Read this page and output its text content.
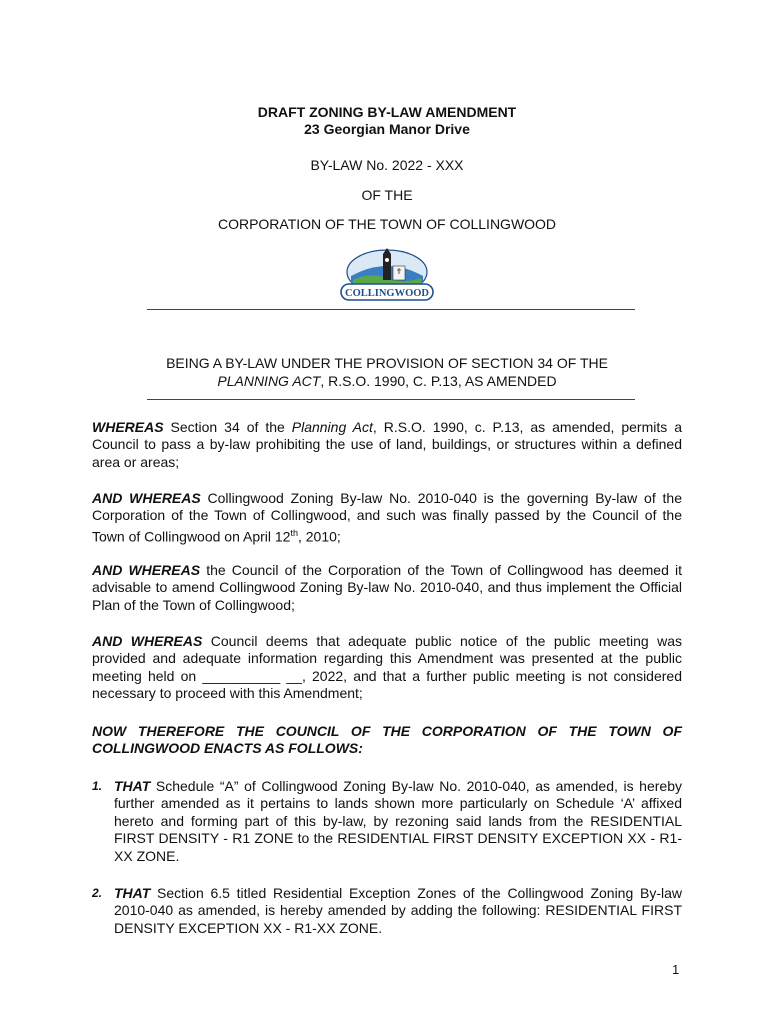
DRAFT ZONING BY-LAW AMENDMENT
23 Georgian Manor Drive
BY-LAW No. 2022 - XXX
OF THE
CORPORATION OF THE TOWN OF COLLINGWOOD
COLLINGWOOD
BEING A BY-LAW UNDER THE PROVISION OF SECTION 34 OF THE
PLANNING ACT, R.S.O. 1990, C. P.13, AS AMENDED
WHEREAS Section 34 of the Planning Act, R.S.O. 1990, c. P.13, as amended, permits a Council to pass a by-law prohibiting the use of land, buildings, or structures within a defined area or areas;
AND WHEREAS Collingwood Zoning By-law No. 2010-040 is the governing By-law of the Corporation of the Town of Collingwood, and such was finally passed by the Council of the Town of Collingwood on April 12th, 2010;
AND WHEREAS the Council of the Corporation of the Town of Collingwood has deemed it advisable to amend Collingwood Zoning By-law No. 2010-040, and thus implement the Official Plan of the Town of Collingwood;
AND WHEREAS Council deems that adequate public notice of the public meeting was provided and adequate information regarding this Amendment was presented at the public meeting held on __________ __, 2022, and that a further public meeting is not considered necessary to proceed with this Amendment;
NOW THEREFORE THE COUNCIL OF THE CORPORATION OF THE TOWN OF
COLLINGWOOD ENACTS AS FOLLOWS:
1. THAT Schedule “A” of Collingwood Zoning By-law No. 2010-040, as amended, is hereby further amended as it pertains to lands shown more particularly on Schedule ‘A’ affixed hereto and forming part of this by-law, by rezoning said lands from the RESIDENTIAL FIRST DENSITY - R1 ZONE to the RESIDENTIAL FIRST DENSITY EXCEPTION XX - R1-XX ZONE.
2. THAT Section 6.5 titled Residential Exception Zones of the Collingwood Zoning By-law 2010-040 as amended, is hereby amended by adding the following: RESIDENTIAL FIRST DENSITY EXCEPTION XX - R1-XX ZONE.
1
